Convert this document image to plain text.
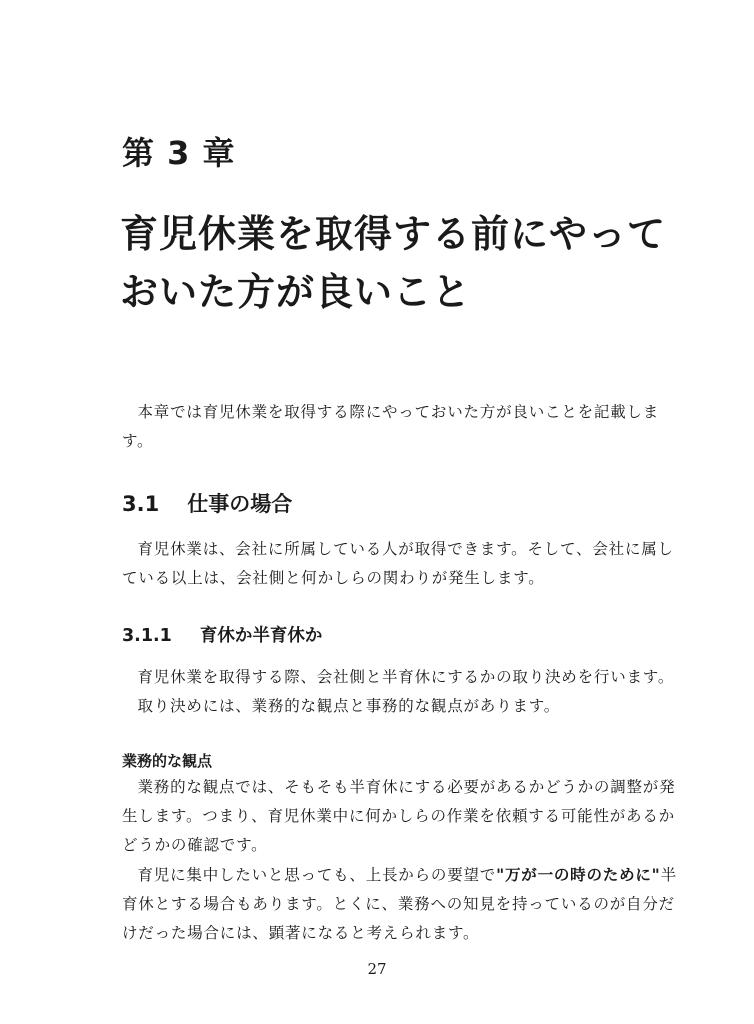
第 3 章
育児休業を取得する前にやっておいた方が良いこと

本章では育児休業を取得する際にやっておいた方が良いことを記載します。

3.1 仕事の場合

育児休業は、会社に所属している人が取得できます。そして、会社に属している以上は、会社側と何かしらの関わりが発生します。

3.1.1 育休か半育休か

育児休業を取得する際、会社側と半育休にするかの取り決めを行います。

取り決めには、業務的な観点と事務的な観点があります。

業務的な観点

業務的な観点では、そもそも半育休にする必要があるかどうかの調整が発生します。つまり、育児休業中に何かしらの作業を依頼する可能性があるかどうかの確認です。

育児に集中したいと思っても、上長からの要望で"万が一の時のために"半育休とする場合もあります。とくに、業務への知見を持っているのが自分だけだった場合には、顕著になると考えられます。

27
